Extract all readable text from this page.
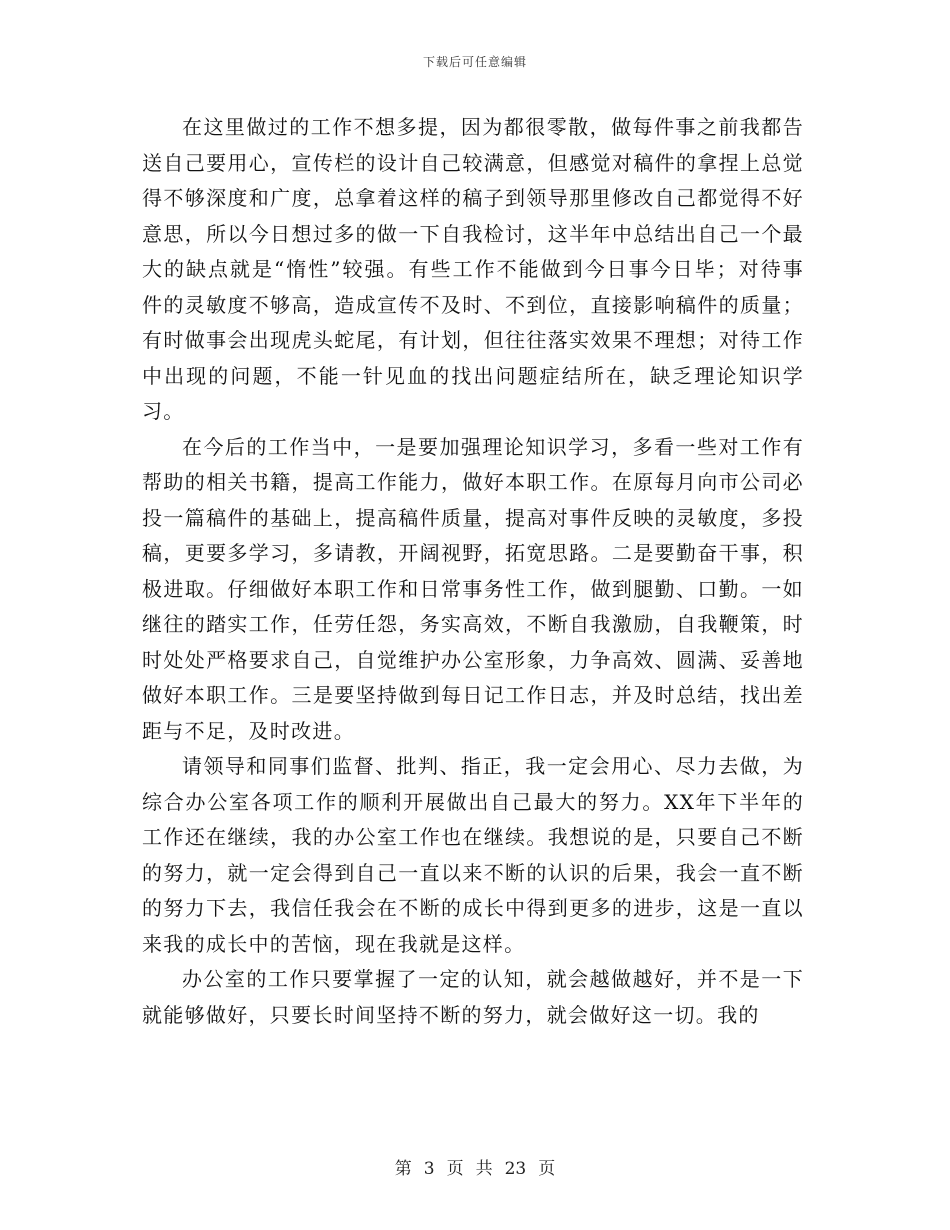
下载后可任意编辑

在这里做过的工作不想多提，因为都很零散，做每件事之前我都告送自己要用心，宣传栏的设计自己较满意，但感觉对稿件的拿捏上总觉得不够深度和广度，总拿着这样的稿子到领导那里修改自己都觉得不好意思，所以今日想过多的做一下自我检讨，这半年中总结出自己一个最大的缺点就是“惰性”较强。有些工作不能做到今日事今日毕；对待事件的灵敏度不够高，造成宣传不及时、不到位，直接影响稿件的质量；有时做事会出现虎头蛇尾，有计划，但往往落实效果不理想；对待工作中出现的问题，不能一针见血的找出问题症结所在，缺乏理论知识学习。

在今后的工作当中，一是要加强理论知识学习，多看一些对工作有帮助的相关书籍，提高工作能力，做好本职工作。在原每月向市公司必投一篇稿件的基础上，提高稿件质量，提高对事件反映的灵敏度，多投稿，更要多学习，多请教，开阔视野，拓宽思路。二是要勤奋干事，积极进取。仔细做好本职工作和日常事务性工作，做到腿勤、口勤。一如继往的踏实工作，任劳任怨，务实高效，不断自我激励，自我鞭策，时时处处严格要求自己，自觉维护办公室形象，力争高效、圆满、妥善地做好本职工作。三是要坚持做到每日记工作日志，并及时总结，找出差距与不足，及时改进。

请领导和同事们监督、批判、指正，我一定会用心、尽力去做，为综合办公室各项工作的顺利开展做出自己最大的努力。XX年下半年的工作还在继续，我的办公室工作也在继续。我想说的是，只要自己不断的努力，就一定会得到自己一直以来不断的认识的后果，我会一直不断的努力下去，我信任我会在不断的成长中得到更多的进步，这是一直以来我的成长中的苦恼，现在我就是这样。

办公室的工作只要掌握了一定的认知，就会越做越好，并不是一下就能够做好，只要长时间坚持不断的努力，就会做好这一切。我的

第 3 页 共 23 页
